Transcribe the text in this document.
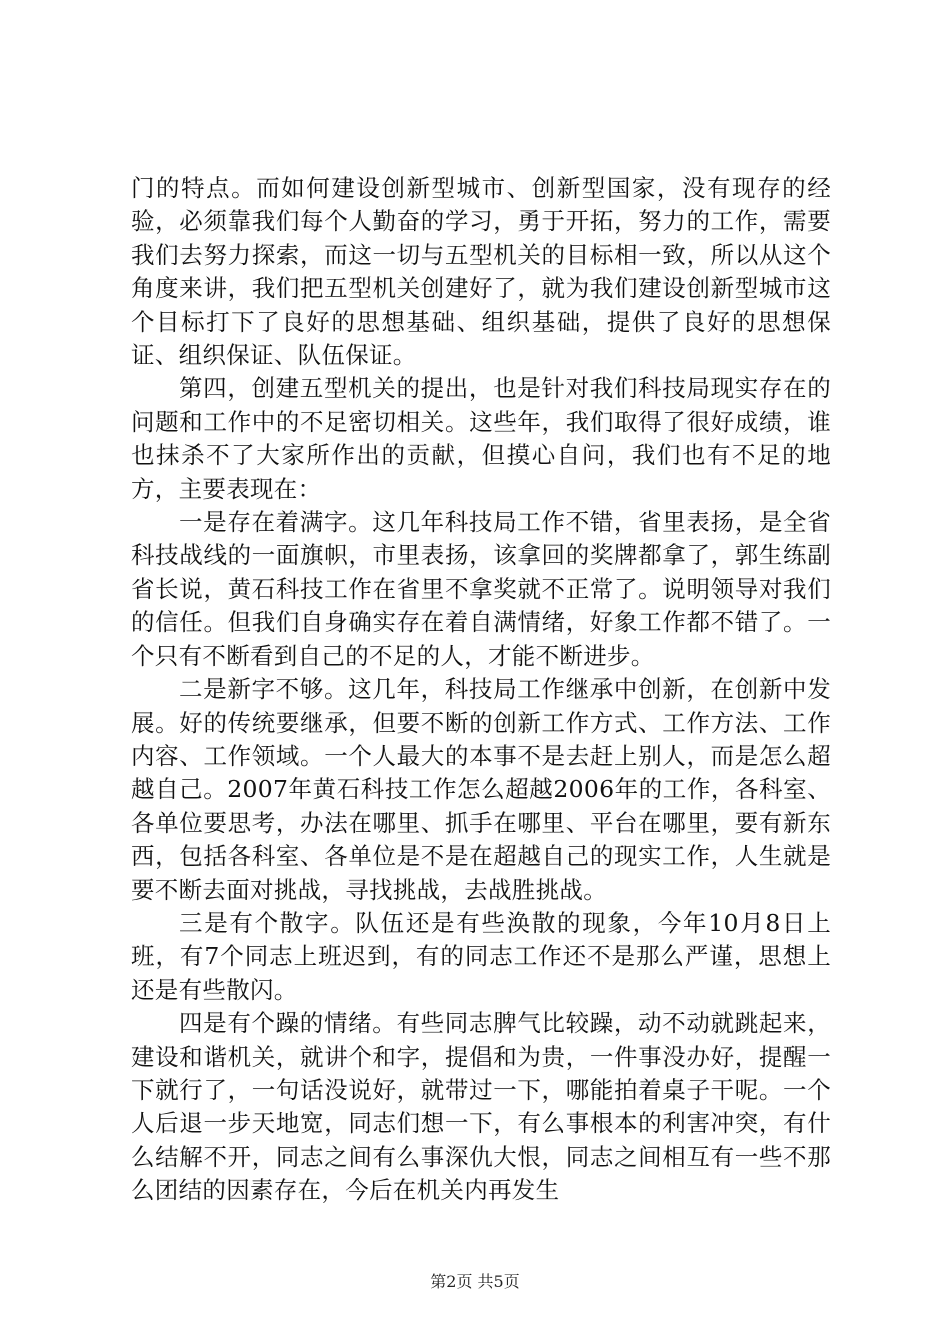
门的特点。而如何建设创新型城市、创新型国家，没有现存的经验，必须靠我们每个人勤奋的学习，勇于开拓，努力的工作，需要我们去努力探索，而这一切与五型机关的目标相一致，所以从这个角度来讲，我们把五型机关创建好了，就为我们建设创新型城市这个目标打下了良好的思想基础、组织基础，提供了良好的思想保证、组织保证、队伍保证。

第四，创建五型机关的提出，也是针对我们科技局现实存在的问题和工作中的不足密切相关。这些年，我们取得了很好成绩，谁也抹杀不了大家所作出的贡献，但摸心自问，我们也有不足的地方，主要表现在：

一是存在着满字。这几年科技局工作不错，省里表扬，是全省科技战线的一面旗帜，市里表扬，该拿回的奖牌都拿了，郭生练副省长说，黄石科技工作在省里不拿奖就不正常了。说明领导对我们的信任。但我们自身确实存在着自满情绪，好象工作都不错了。一个只有不断看到自己的不足的人，才能不断进步。

二是新字不够。这几年，科技局工作继承中创新，在创新中发展。好的传统要继承，但要不断的创新工作方式、工作方法、工作内容、工作领域。一个人最大的本事不是去赶上别人，而是怎么超越自己。2007年黄石科技工作怎么超越2006年的工作，各科室、各单位要思考，办法在哪里、抓手在哪里、平台在哪里，要有新东西，包括各科室、各单位是不是在超越自己的现实工作，人生就是要不断去面对挑战，寻找挑战，去战胜挑战。

三是有个散字。队伍还是有些涣散的现象，今年10月8日上班，有7个同志上班迟到，有的同志工作还不是那么严谨，思想上还是有些散闪。

四是有个躁的情绪。有些同志脾气比较躁，动不动就跳起来，建设和谐机关，就讲个和字，提倡和为贵，一件事没办好，提醒一下就行了，一句话没说好，就带过一下，哪能拍着桌子干呢。一个人后退一步天地宽，同志们想一下，有么事根本的利害冲突，有什么结解不开，同志之间有么事深仇大恨，同志之间相互有一些不那么团结的因素存在，今后在机关内再发生

第2页 共5页
